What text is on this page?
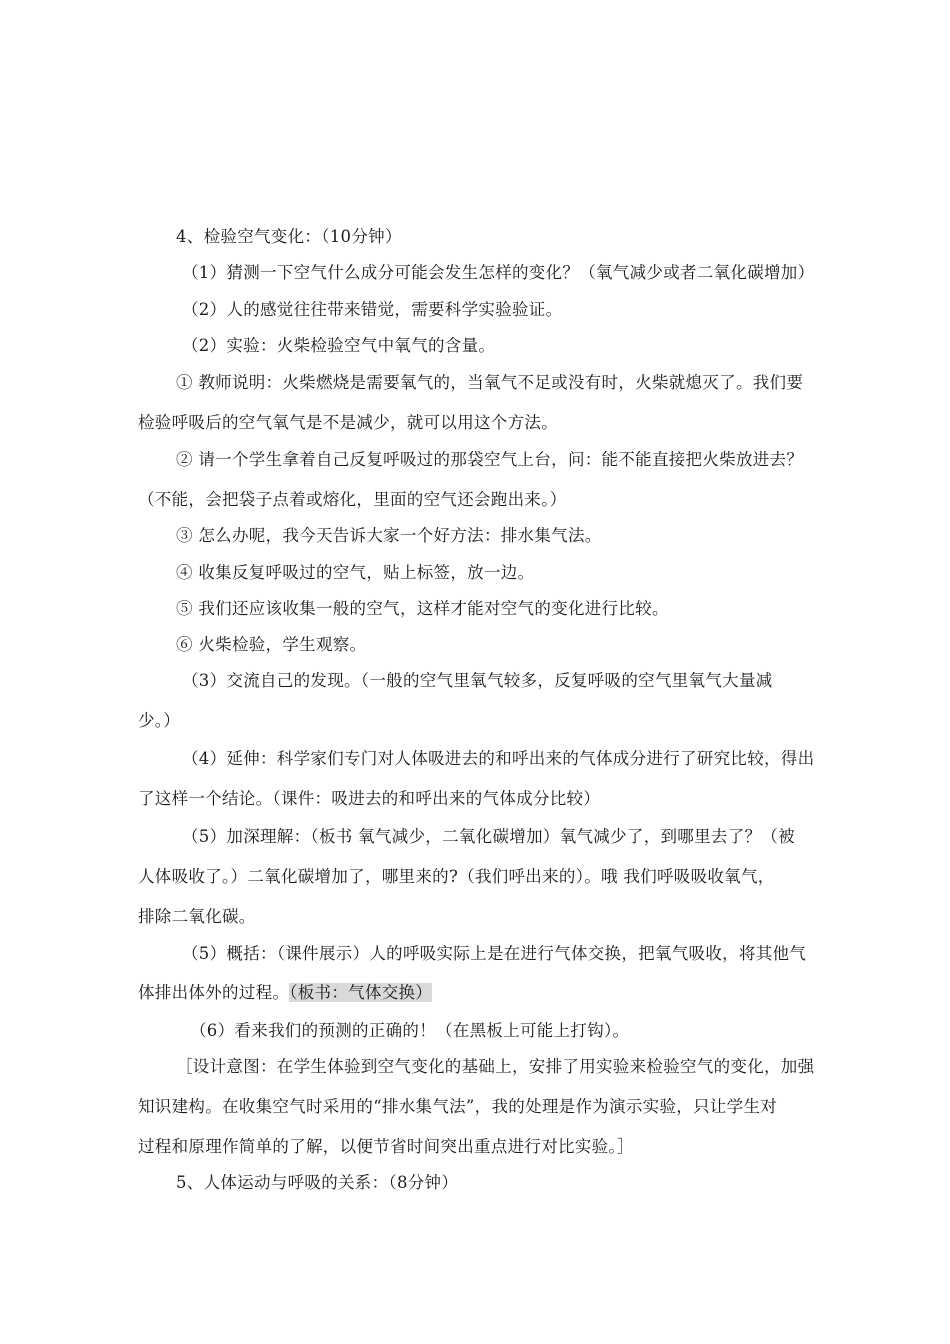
4、检验空气变化：（10分钟）
（1）猜测一下空气什么成分可能会发生怎样的变化？（氧气减少或者二氧化碳增加）
（2）人的感觉往往带来错觉，需要科学实验验证。
（2）实验：火柴检验空气中氧气的含量。
① 教师说明：火柴燃烧是需要氧气的，当氧气不足或没有时，火柴就熄灭了。我们要
检验呼吸后的空气氧气是不是减少，就可以用这个方法。
② 请一个学生拿着自己反复呼吸过的那袋空气上台，问：能不能直接把火柴放进去？
（不能，会把袋子点着或熔化，里面的空气还会跑出来。）
③ 怎么办呢，我今天告诉大家一个好方法：排水集气法。
④ 收集反复呼吸过的空气，贴上标签，放一边。
⑤ 我们还应该收集一般的空气，这样才能对空气的变化进行比较。
⑥ 火柴检验，学生观察。
（3）交流自己的发现。（一般的空气里氧气较多，反复呼吸的空气里氧气大量减
少。）
（4）延伸：科学家们专门对人体吸进去的和呼出来的气体成分进行了研究比较，得出
了这样一个结论。（课件：吸进去的和呼出来的气体成分比较）
（5）加深理解：（板书 氧气减少，二氧化碳增加）氧气减少了，到哪里去了？（被
人体吸收了。）二氧化碳增加了，哪里来的?（我们呼出来的）。哦 我们呼吸吸收氧气，
排除二氧化碳。
（5）概括：（课件展示）人的呼吸实际上是在进行气体交换，把氧气吸收，将其他气
体排出体外的过程。（板书：气体交换）
（6）看来我们的预测的正确的！（在黑板上可能上打钩）。
［设计意图：在学生体验到空气变化的基础上，安排了用实验来检验空气的变化，加强
知识建构。在收集空气时采用的“排水集气法”，我的处理是作为演示实验，只让学生对
过程和原理作简单的了解，以便节省时间突出重点进行对比实验。］
5、人体运动与呼吸的关系：（8分钟）
